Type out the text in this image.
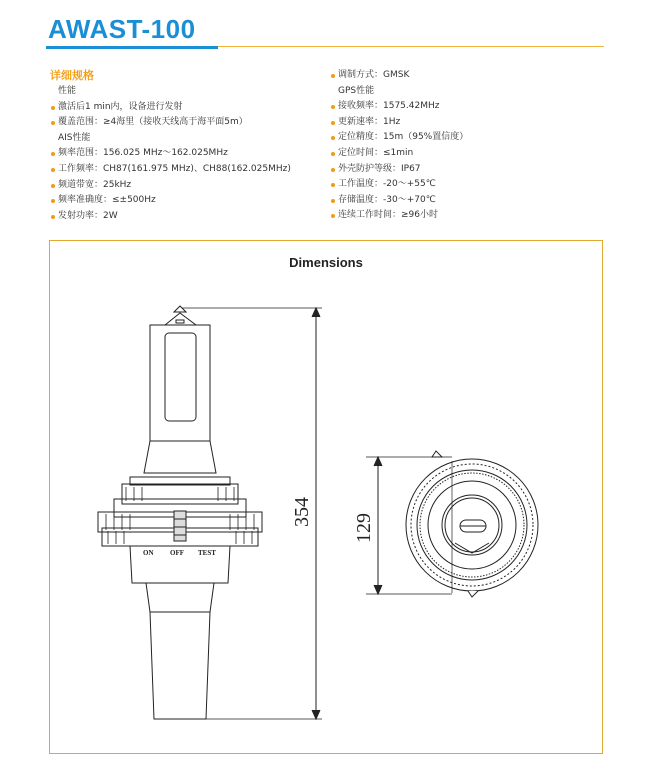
AWAST-100
详细规格
性能
激活后1 min内，设备进行发射
覆盖范围：≥4海里（接收天线高于海平面5m）
AIS性能
频率范围：156.025 MHz～162.025MHz
工作频率：CH87(161.975 MHz)、CH88(162.025MHz)
频道带宽：25kHz
频率准确度：≤±500Hz
发射功率：2W
调制方式：GMSK
GPS性能
接收频率：1575.42MHz
更新速率：1Hz
定位精度：15m（95%置信度）
定位时间：≤1min
外壳防护等级：IP67
工作温度：-20～+55℃
存储温度：-30～+70℃
连续工作时间：≥96小时
Dimensions
ON OFF TEST
354
129
